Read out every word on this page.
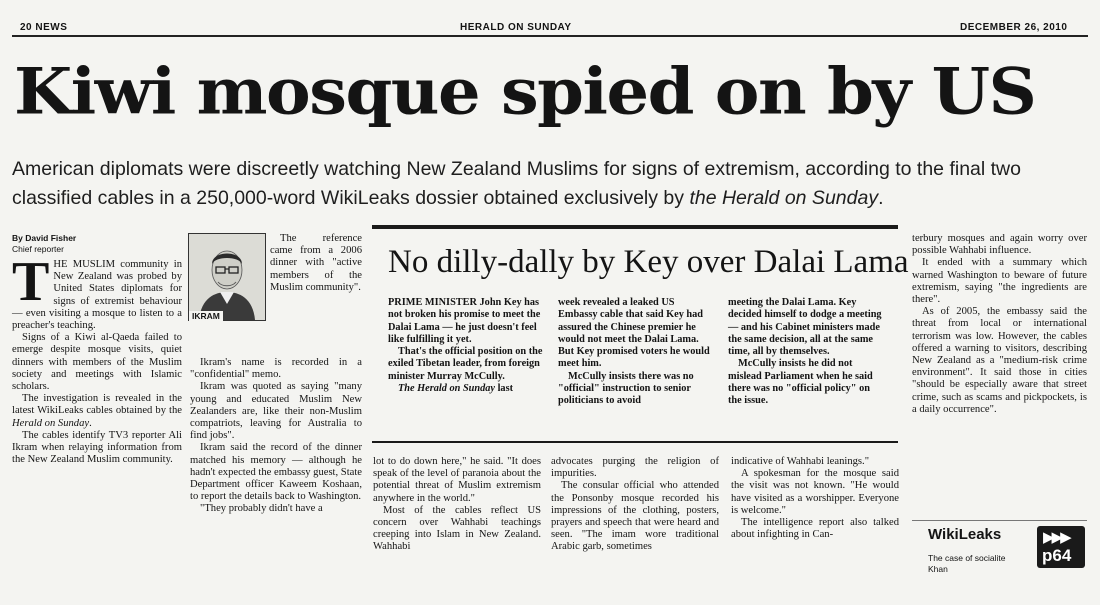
20 NEWS	HERALD ON SUNDAY	DECEMBER 26, 2010
Kiwi mosque spied on by US
American diplomats were discreetly watching New Zealand Muslims for signs of extremism, according to the final two classified cables in a 250,000-word WikiLeaks dossier obtained exclusively by the Herald on Sunday.
By David Fisher
Chief reporter

THE MUSLIM community in New Zealand was probed by United States diplomats for signs of extremist behaviour — even visiting a mosque to listen to a preacher's teaching.

Signs of a Kiwi al-Qaeda failed to emerge despite mosque visits, quiet dinners with members of the Muslim society and meetings with Islamic scholars.

The investigation is revealed in the latest WikiLeaks cables obtained by the Herald on Sunday.

The cables identify TV3 reporter Ali Ikram when relaying information from the New Zealand Muslim community.

IKRAM

The reference came from a 2006 dinner with "active members of the Muslim community".

Ikram's name is recorded in a "confidential" memo.

Ikram was quoted as saying "many young and educated Muslim New Zealanders are, like their non-Muslim compatriots, leaving for Australia to find jobs".

Ikram said the record of the dinner matched his memory — although he hadn't expected the embassy guest, State Department officer Kaweem Koshaan, to report the details back to Washington.

"They probably didn't have a

No dilly-dally by Key over Dalai Lama

PRIME MINISTER John Key has not broken his promise to meet the Dalai Lama — he just doesn't feel like fulfilling it yet.

That's the official position on the exiled Tibetan leader, from foreign minister Murray McCully.

The Herald on Sunday last

week revealed a leaked US Embassy cable that said Key had assured the Chinese premier he would not meet the Dalai Lama. But Key promised voters he would meet him.

McCully insists there was no "official" instruction to senior politicians to avoid

meeting the Dalai Lama. Key decided himself to dodge a meeting — and his Cabinet ministers made the same decision, all at the same time, all by themselves.

McCully insists he did not mislead Parliament when he said there was no "official policy" on the issue.

lot to do down here," he said. "It does speak of the level of paranoia about the potential threat of Muslim extremism anywhere in the world."

Most of the cables reflect US concern over Wahhabi teachings creeping into Islam in New Zealand. Wahhabi

advocates purging the religion of impurities.

The consular official who attended the Ponsonby mosque recorded his impressions of the clothing, posters, prayers and speech that were heard and seen. "The imam wore traditional Arabic garb, sometimes

indicative of Wahhabi leanings."

A spokesman for the mosque said the visit was not known. "He would have visited as a worshipper. Everyone is welcome."

The intelligence report also talked about infighting in Can-

terbury mosques and again worry over possible Wahhabi influence.

It ended with a summary which warned Washington to beware of future extremism, saying "the ingredients are there".

As of 2005, the embassy said the threat from local or international terrorism was low. However, the cables offered a warning to visitors, describing New Zealand as a "medium-risk crime environment". It said those in cities "should be especially aware that street crime, such as scams and pickpockets, is a daily occurrence".

WikiLeaks
The case of socialite Khan
▶▶▶
p64
